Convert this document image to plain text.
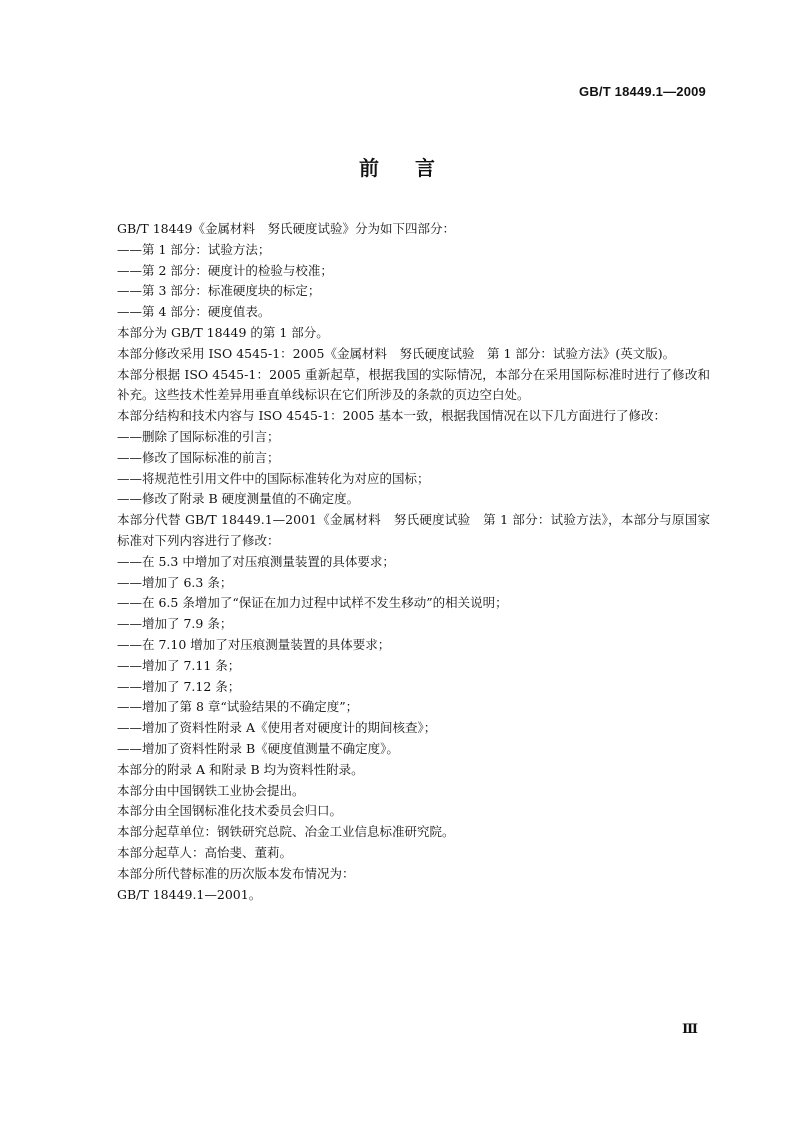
GB/T 18449.1—2009
前 言
GB/T 18449《金属材料　努氏硬度试验》分为如下四部分：
——第 1 部分：试验方法；
——第 2 部分：硬度计的检验与校准；
——第 3 部分：标准硬度块的标定；
——第 4 部分：硬度值表。
本部分为 GB/T 18449 的第 1 部分。
本部分修改采用 ISO 4545-1：2005《金属材料　努氏硬度试验　第 1 部分：试验方法》(英文版)。
本部分根据 ISO 4545-1：2005 重新起草，根据我国的实际情况，本部分在采用国际标准时进行了修改和补充。这些技术性差异用垂直单线标识在它们所涉及的条款的页边空白处。
本部分结构和技术内容与 ISO 4545-1：2005 基本一致，根据我国情况在以下几方面进行了修改：
——删除了国际标准的引言；
——修改了国际标准的前言；
——将规范性引用文件中的国际标准转化为对应的国标；
——修改了附录 B 硬度测量值的不确定度。
本部分代替 GB/T 18449.1—2001《金属材料　努氏硬度试验　第 1 部分：试验方法》，本部分与原国家标准对下列内容进行了修改：
——在 5.3 中增加了对压痕测量装置的具体要求；
——增加了 6.3 条；
——在 6.5 条增加了“保证在加力过程中试样不发生移动”的相关说明；
——增加了 7.9 条；
——在 7.10 增加了对压痕测量装置的具体要求；
——增加了 7.11 条；
——增加了 7.12 条；
——增加了第 8 章“试验结果的不确定度”；
——增加了资料性附录 A《使用者对硬度计的期间核查》；
——增加了资料性附录 B《硬度值测量不确定度》。
本部分的附录 A 和附录 B 均为资料性附录。
本部分由中国钢铁工业协会提出。
本部分由全国钢标准化技术委员会归口。
本部分起草单位：钢铁研究总院、冶金工业信息标准研究院。
本部分起草人：高怡斐、董莉。
本部分所代替标准的历次版本发布情况为：
GB/T 18449.1—2001。
Ⅲ
